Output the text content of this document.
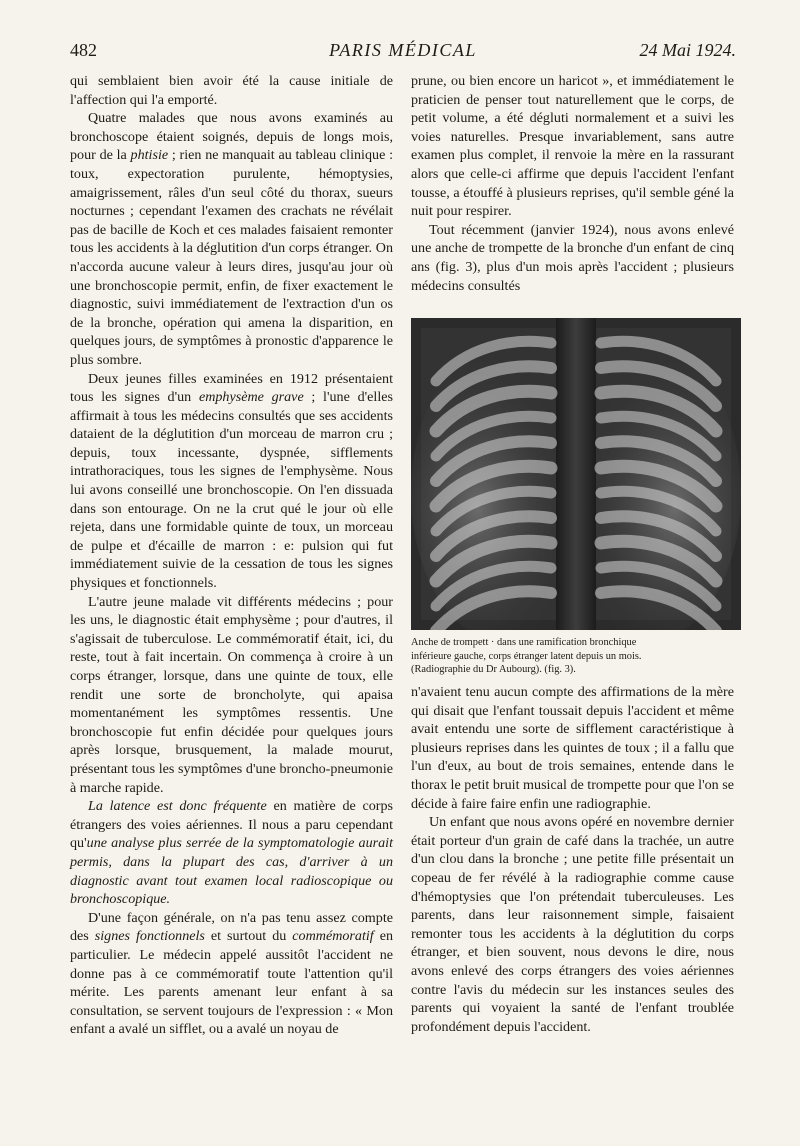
482	PARIS MÉDICAL	24 Mai 1924.

qui semblaient bien avoir été la cause initiale de l'affection qui l'a emporté.

Quatre malades que nous avons examinés au bronchoscope étaient soignés, depuis de longs mois, pour de la phtisie ; rien ne manquait au tableau clinique : toux, expectoration purulente, hémoptysies, amaigrissement, râles d'un seul côté du thorax, sueurs nocturnes ; cependant l'examen des crachats ne révélait pas de bacille de Koch et ces malades faisaient remonter tous les accidents à la déglutition d'un corps étranger. On n'accorda aucune valeur à leurs dires, jusqu'au jour où une bronchoscopie permit, enfin, de fixer exactement le diagnostic, suivi immédiatement de l'extraction d'un os de la bronche, opération qui amena la disparition, en quelques jours, de symptômes à pronostic d'apparence le plus sombre.

Deux jeunes filles examinées en 1912 présentaient tous les signes d'un emphysème grave ; l'une d'elles affirmait à tous les médecins consultés que ses accidents dataient de la déglutition d'un morceau de marron cru ; depuis, toux incessante, dyspnée, sifflements intrathoraciques, tous les signes de l'emphysème. Nous lui avons conseillé une bronchoscopie. On l'en dissuada dans son entourage. On ne la crut qué le jour où elle rejeta, dans une formidable quinte de toux, un morceau de pulpe et d'écaille de marron : e: pulsion qui fut immédiatement suivie de la cessation de tous les signes physiques et fonctionnels.

L'autre jeune malade vit différents médecins ; pour les uns, le diagnostic était emphysème ; pour d'autres, il s'agissait de tuberculose. Le commémoratif était, ici, du reste, tout à fait incertain. On commença à croire à un corps étranger, lorsque, dans une quinte de toux, elle rendit une sorte de broncholyte, qui apaisa momentanément les symptômes ressentis. Une bronchoscopie fut enfin décidée pour quelques jours après lorsque, brusquement, la malade mourut, présentant tous les symptômes d'une broncho-pneumonie à marche rapide.

La latence est donc fréquente en matière de corps étrangers des voies aériennes. Il nous a paru cependant qu'une analyse plus serrée de la symptomatologie aurait permis, dans la plupart des cas, d'arriver à un diagnostic avant tout examen local radioscopique ou bronchoscopique.

D'une façon générale, on n'a pas tenu assez compte des signes fonctionnels et surtout du commémoratif en particulier. Le médecin appelé aussitôt l'accident ne donne pas à ce commémoratif toute l'attention qu'il mérite. Les parents amenant leur enfant à sa consultation, se servent toujours de l'expression : « Mon enfant a avalé un sifflet, ou a avalé un noyau de

prune, ou bien encore un haricot », et immédiatement le praticien de penser tout naturellement que le corps, de petit volume, a été dégluti normalement et a suivi les voies naturelles. Presque invariablement, sans autre examen plus complet, il renvoie la mère en la rassurant alors que celle-ci affirme que depuis l'accident l'enfant tousse, a étouffé à plusieurs reprises, qu'il semble géné la nuit pour respirer.

Tout récemment (janvier 1924), nous avons enlevé une anche de trompette de la bronche d'un enfant de cinq ans (fig. 3), plus d'un mois après l'accident ; plusieurs médecins consultés

n'avaient tenu aucun compte des affirmations de la mère qui disait que l'enfant toussait depuis l'accident et même avait entendu une sorte de sifflement caractéristique à plusieurs reprises dans les quintes de toux ; il a fallu que l'un d'eux, au bout de trois semaines, entende dans le thorax le petit bruit musical de trompette pour que l'on se décide à faire faire enfin une radiographie.

Un enfant que nous avons opéré en novembre dernier était porteur d'un grain de café dans la trachée, un autre d'un clou dans la bronche ; une petite fille présentait un copeau de fer révélé à la radiographie comme cause d'hémoptysies que l'on prétendait tuberculeuses. Les parents, dans leur raisonnement simple, faisaient remonter tous les accidents à la déglutition du corps étranger, et bien souvent, nous devons le dire, nous avons enlevé des corps étrangers des voies aériennes contre l'avis du médecin sur les instances seules des parents qui voyaient la santé de l'enfant troublée profondément depuis l'accident.

Anche de trompett · dans une ramification bronchique
inférieure gauche, corps étranger latent depuis un mois.
(Radiographie du Dr Aubourg). (fig. 3).
